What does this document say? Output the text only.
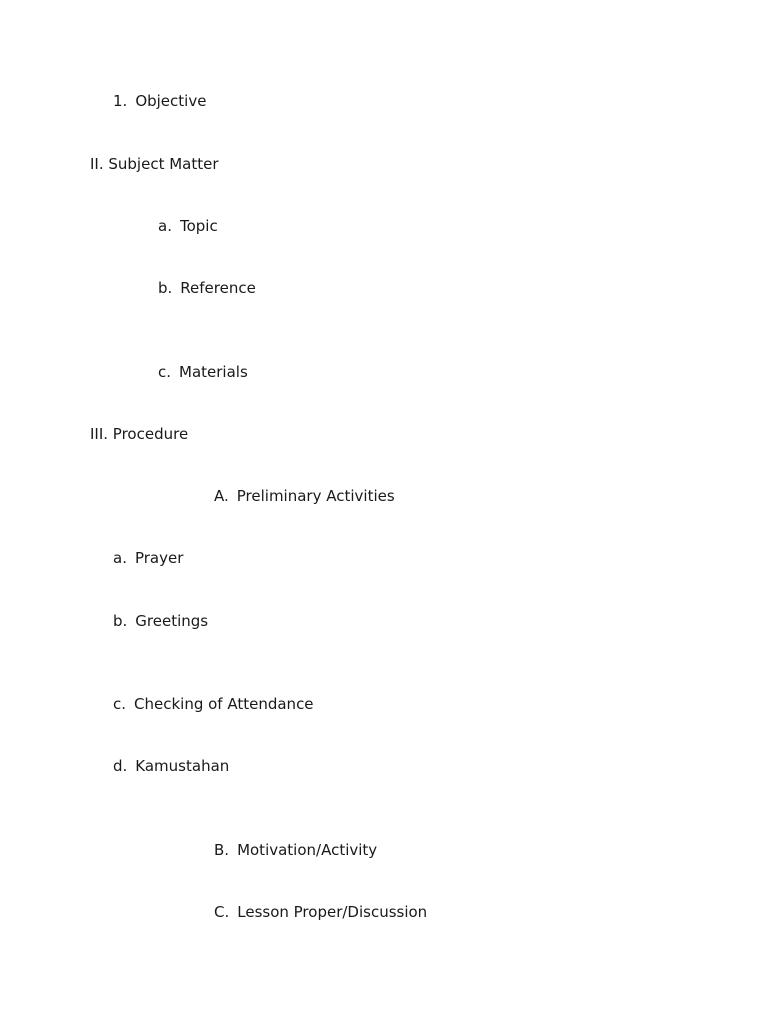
1. Objective
II. Subject Matter
a. Topic
b. Reference
c. Materials
III. Procedure
A. Preliminary Activities
a. Prayer
b. Greetings
c. Checking of Attendance
d. Kamustahan
B. Motivation/Activity
C. Lesson Proper/Discussion
